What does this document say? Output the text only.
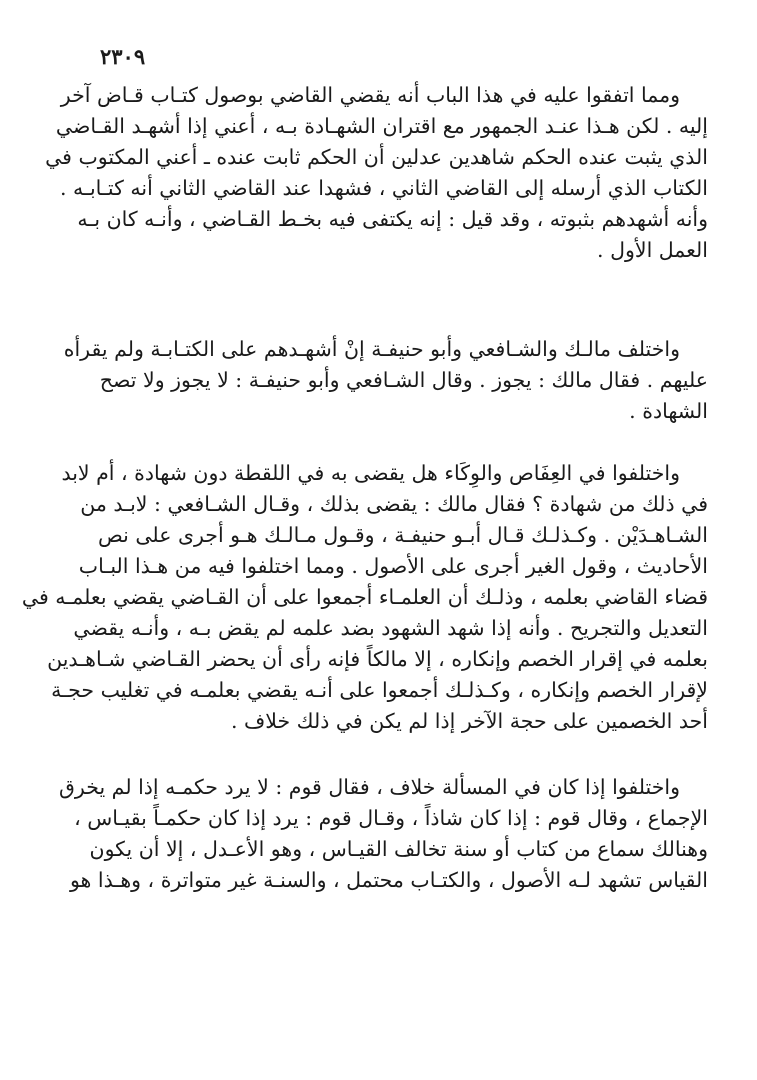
٢٣٠٩
ومما اتفقوا عليه في هذا الباب أنه يقضي القاضي بوصول كتـاب قـاض آخر
إليه . لكن هـذا عنـد الجمهور مع اقتران الشهـادة بـه ، أعني إذا أشهـد القـاضي
الذي يثبت عنده الحكم شاهدين عدلين أن الحكم ثابت عنده ـ أعني المكتوب في
الكتاب الذي أرسله إلى القاضي الثاني ، فشهدا عند القاضي الثاني أنه كتـابـه .
وأنه أشهدهم بثبوته ، وقد قيل : إنه يكتفى فيه بخـط القـاضي ، وأنـه كان بـه
العمل الأول .
واختلف مالـك والشـافعي وأبو حنيفـة إنْ أشهـدهم على الكتـابـة ولم يقرأه
عليهم . فقال مالك : يجوز . وقال الشـافعي وأبو حنيفـة : لا يجوز ولا تصح
الشهادة .
واختلفوا في العِفَاص والوِكَاء هل يقضى به في اللقطة دون شهادة ، أم لابد
في ذلك من شهادة ؟ فقال مالك : يقضى بذلك ، وقـال الشـافعي : لابـد من
الشـاهـدَيْن . وكـذلـك قـال أبـو حنيفـة ، وقـول مـالـك هـو أجرى على نص
الأحاديث ، وقول الغير أجرى على الأصول . ومما اختلفوا فيه من هـذا البـاب
قضاء القاضي بعلمه ، وذلـك أن العلمـاء أجمعوا على أن القـاضي يقضي بعلمـه في
التعديل والتجريح . وأنه إذا شهد الشهود بضد علمه لم يقض بـه ، وأنـه يقضي
بعلمه في إقرار الخصم وإنكاره ، إلا مالكاً فإنه رأى أن يحضر القـاضي شـاهـدين
لإقرار الخصم وإنكاره ، وكـذلـك أجمعوا على أنـه يقضي بعلمـه في تغليب حجـة
أحد الخصمين على حجة الآخر إذا لم يكن في ذلك خلاف .
واختلفوا إذا كان في المسألة خلاف ، فقال قوم : لا يرد حكمـه إذا لم يخرق
الإجماع ، وقال قوم : إذا كان شاذاً ، وقـال قوم : يرد إذا كان حكمـاً بقيـاس ،
وهنالك سماع من كتاب أو سنة تخالف القيـاس ، وهو الأعـدل ، إلا أن يكون
القياس تشهد لـه الأصول ، والكتـاب محتمل ، والسنـة غير متواترة ، وهـذا هو
